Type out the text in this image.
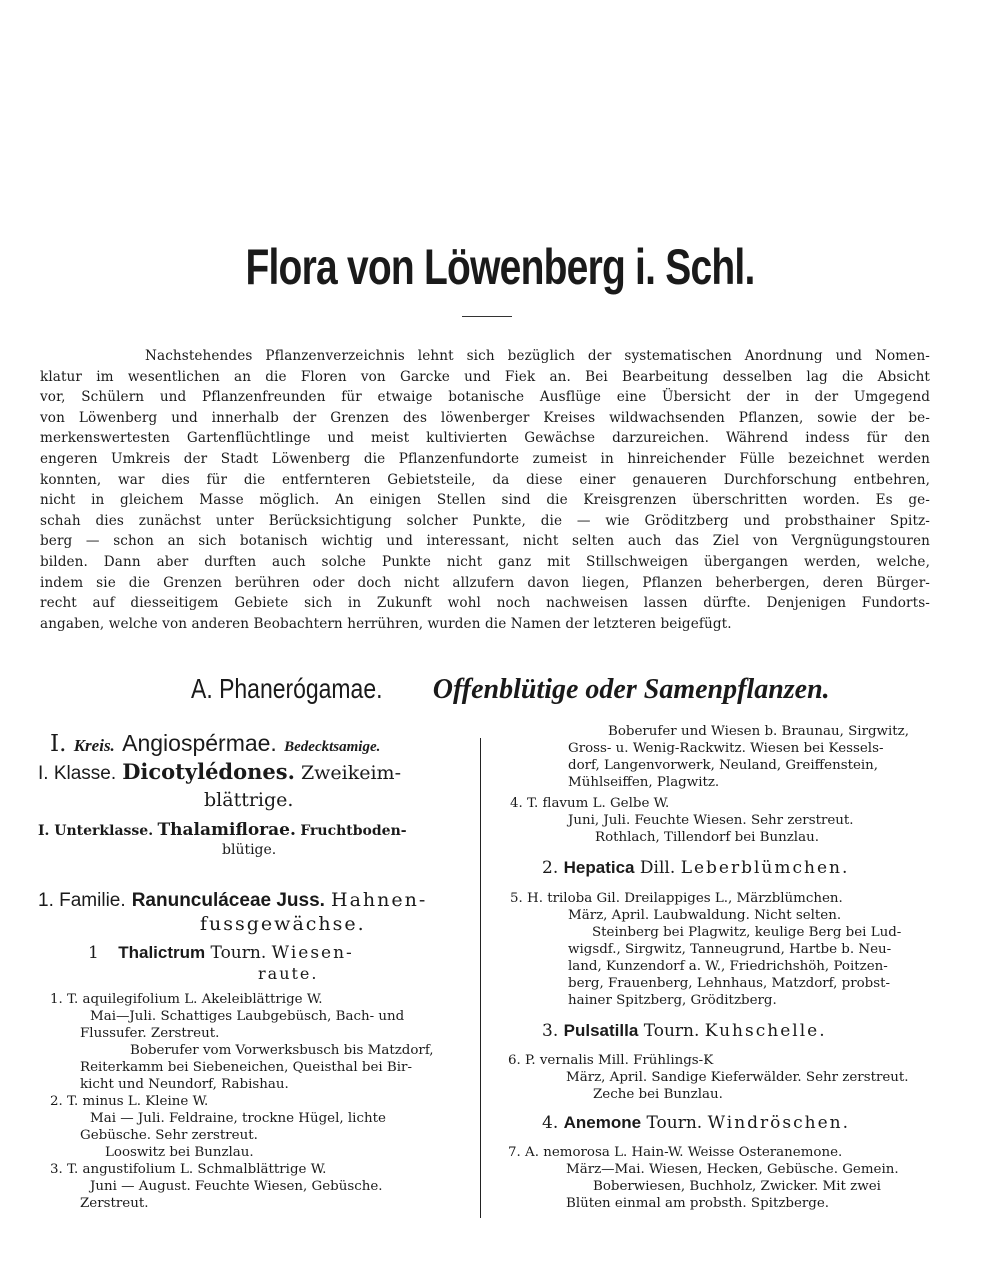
Flora von Löwenberg i. Schl.
Nachstehendes Pflanzenverzeichnis lehnt sich bezüglich der systematischen Anordnung und Nomen-
klatur im wesentlichen an die Floren von Garcke und Fiek an. Bei Bearbeitung desselben lag die Absicht
vor, Schülern und Pflanzenfreunden für etwaige botanische Ausflüge eine Übersicht der in der Umgegend
von Löwenberg und innerhalb der Grenzen des löwenberger Kreises wildwachsenden Pflanzen, sowie der be-
merkenswertesten Gartenflüchtlinge und meist kultivierten Gewächse darzureichen. Während indess für den
engeren Umkreis der Stadt Löwenberg die Pflanzenfundorte zumeist in hinreichender Fülle bezeichnet werden
konnten, war dies für die entfernteren Gebietsteile, da diese einer genaueren Durchforschung entbehren,
nicht in gleichem Masse möglich. An einigen Stellen sind die Kreisgrenzen überschritten worden. Es ge-
schah dies zunächst unter Berücksichtigung solcher Punkte, die — wie Gröditzberg und probsthainer Spitz-
berg — schon an sich botanisch wichtig und interessant, nicht selten auch das Ziel von Vergnügungstouren
bilden. Dann aber durften auch solche Punkte nicht ganz mit Stillschweigen übergangen werden, welche,
indem sie die Grenzen berühren oder doch nicht allzufern davon liegen, Pflanzen beherbergen, deren Bürger-
recht auf diesseitigem Gebiete sich in Zukunft wohl noch nachweisen lassen dürfte. Denjenigen Fundorts-
angaben, welche von anderen Beobachtern herrühren, wurden die Namen der letzteren beigefügt.
A. Phanerógamae. Offenblütige oder Samenpflanzen.
I. Kreis. Angiospérmae. Bedecktsamige.
I. Klasse. Dicotylédones. Zweikeim-
blättrige.
I. Unterklasse. Thalamiflorae. Fruchtboden-
blütige.
1. Familie. Ranunculáceae Juss. Hahnen-
fussgewächse.
1 Thalictrum Tourn. Wiesen-
raute.
1. T. aquilegifolium L. Akeleiblättrige W.
Mai—Juli. Schattiges Laubgebüsch, Bach- und
Flussufer. Zerstreut.
Boberufer vom Vorwerksbusch bis Matzdorf,
Reiterkamm bei Siebeneichen, Queisthal bei Bir-
kicht und Neundorf, Rabishau.
2. T. minus L. Kleine W.
Mai — Juli. Feldraine, trockne Hügel, lichte
Gebüsche. Sehr zerstreut.
Looswitz bei Bunzlau.
3. T. angustifolium L. Schmalblättrige W.
Juni — August. Feuchte Wiesen, Gebüsche.
Zerstreut.
Boberufer und Wiesen b. Braunau, Sirgwitz,
Gross- u. Wenig-Rackwitz. Wiesen bei Kessels-
dorf, Langenvorwerk, Neuland, Greiffenstein,
Mühlseiffen, Plagwitz.
4. T. flavum L. Gelbe W.
Juni, Juli. Feuchte Wiesen. Sehr zerstreut.
Rothlach, Tillendorf bei Bunzlau.
2. Hepatica Dill. Leberblümchen.
5. H. triloba Gil. Dreilappiges L., Märzblümchen.
März, April. Laubwaldung. Nicht selten.
Steinberg bei Plagwitz, keulige Berg bei Lud-
wigsdf., Sirgwitz, Tanneugrund, Hartbe b. Neu-
land, Kunzendorf a. W., Friedrichshöh, Poitzen-
berg, Frauenberg, Lehnhaus, Matzdorf, probst-
hainer Spitzberg, Gröditzberg.
3. Pulsatilla Tourn. Kuhschelle.
6. P. vernalis Mill. Frühlings-K
März, April. Sandige Kieferwälder. Sehr zerstreut.
Zeche bei Bunzlau.
4. Anemone Tourn. Windröschen.
7. A. nemorosa L. Hain-W. Weisse Osteranemone.
März—Mai. Wiesen, Hecken, Gebüsche. Gemein.
Boberwiesen, Buchholz, Zwicker. Mit zwei
Blüten einmal am probsth. Spitzberge.
